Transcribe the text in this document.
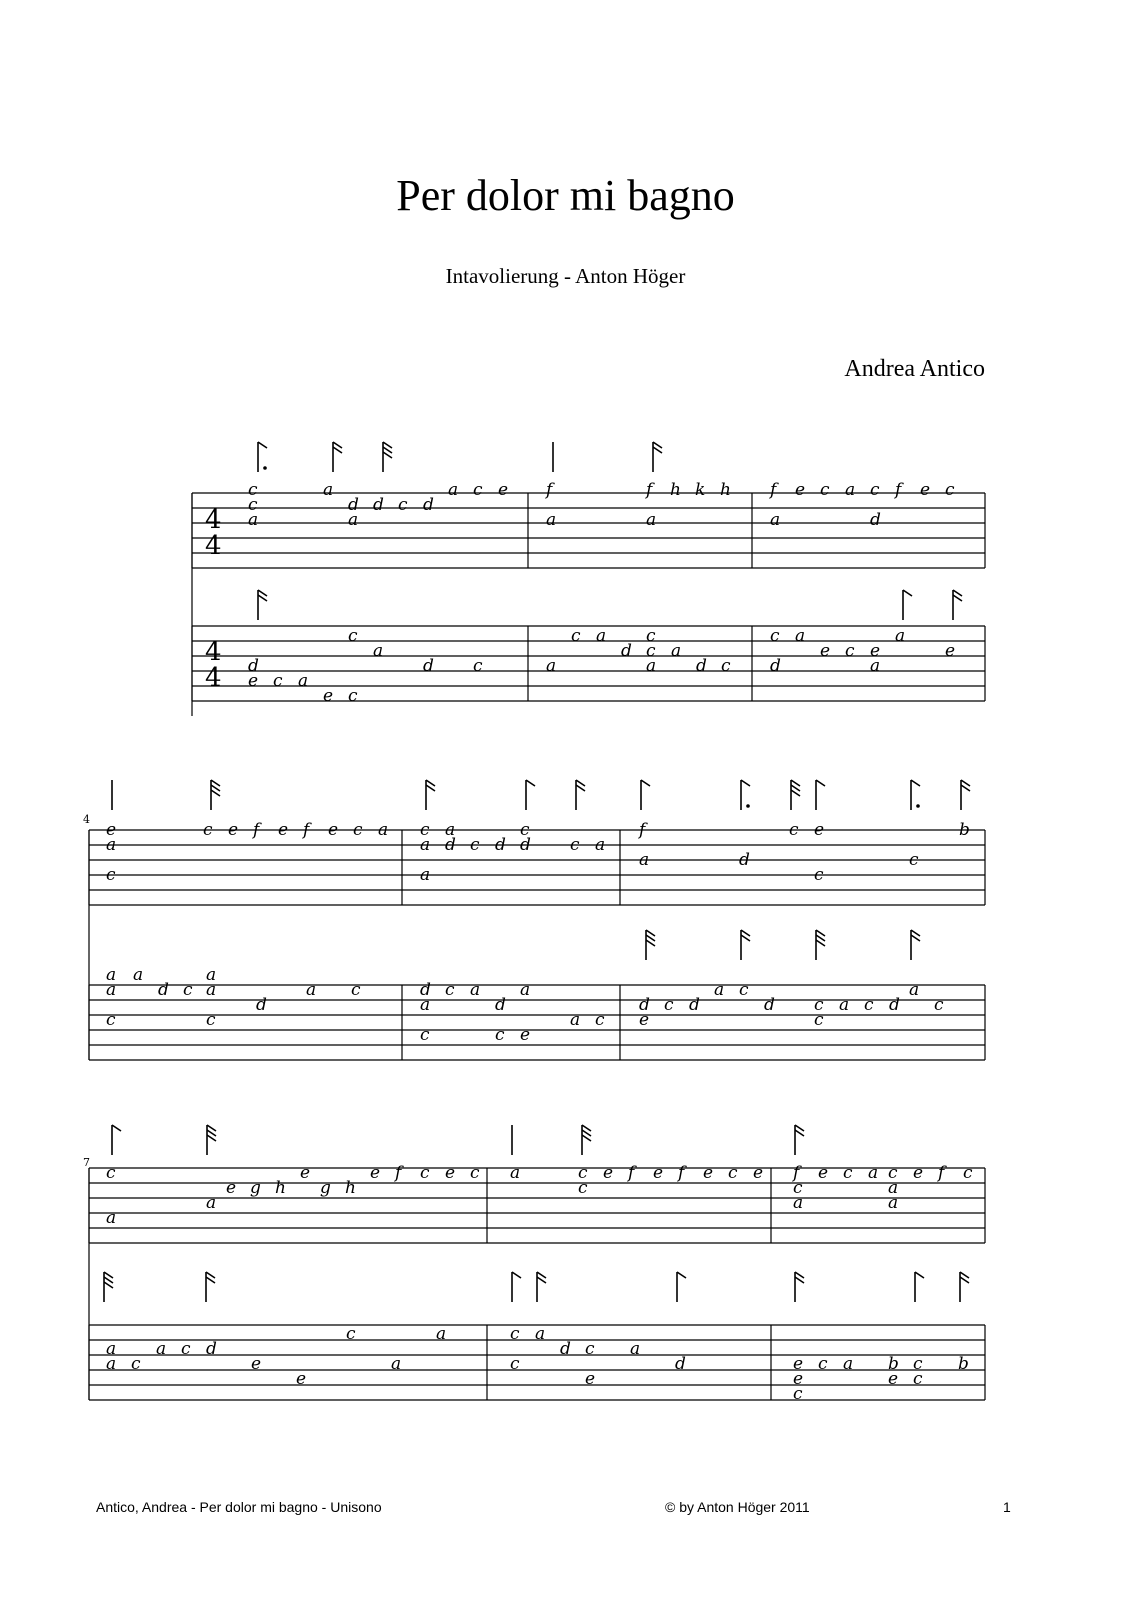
Per dolor mi bagno
Intavolierung - Anton Höger
Andrea Antico
4
4
4
4
4
7
c
c
a
a
a
d d c d
a c e f
a
f
a
h k h f e c a c f e c
a	d
d
e c a
c
a
e c
d c
c a
d
c
c a
a	a d c
c a
e c e
a
e
d	a
e
a
c
c e f e f e c a c a
a d c d
c
d c a
a
f
a	d
c e
c
c
b
a a
a d c a
a
d
a c
c	c
d c a
d
a
a
c	c e
a c
d c d
a c
d c a c d c
a
e	c
c
a
a
e g h
e
g h
e f c e c a	c
c
e f e f e c e f
c
a
e c a c
a
a
e f c
a
a c
a c d
e
e
c
a
a	c a
c
d c a
e
d	e c a
e
c
b
e
c
c
b
Antico, Andrea - Per dolor mi bagno - Unisono	© by Anton Höger 2011	1
